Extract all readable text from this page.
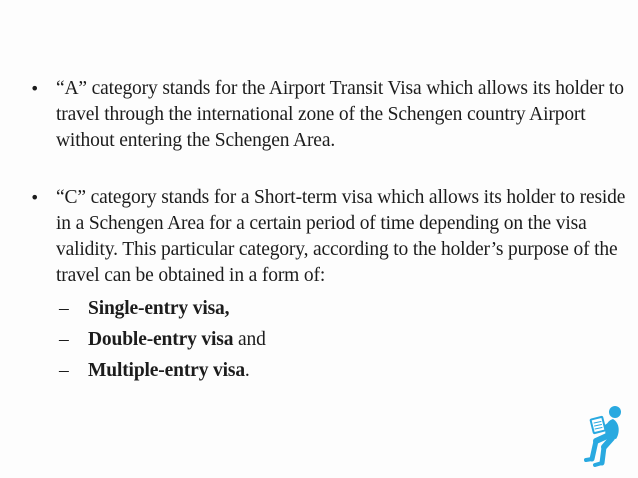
• “A” category stands for the Airport Transit Visa which allows its holder to travel through the international zone of the Schengen country Airport without entering the Schengen Area.
• “C” category stands for a Short-term visa which allows its holder to reside in a Schengen Area for a certain period of time depending on the visa validity. This particular category, according to the holder’s purpose of the travel can be obtained in a form of:
– Single-entry visa,
– Double-entry visa and
– Multiple-entry visa.
